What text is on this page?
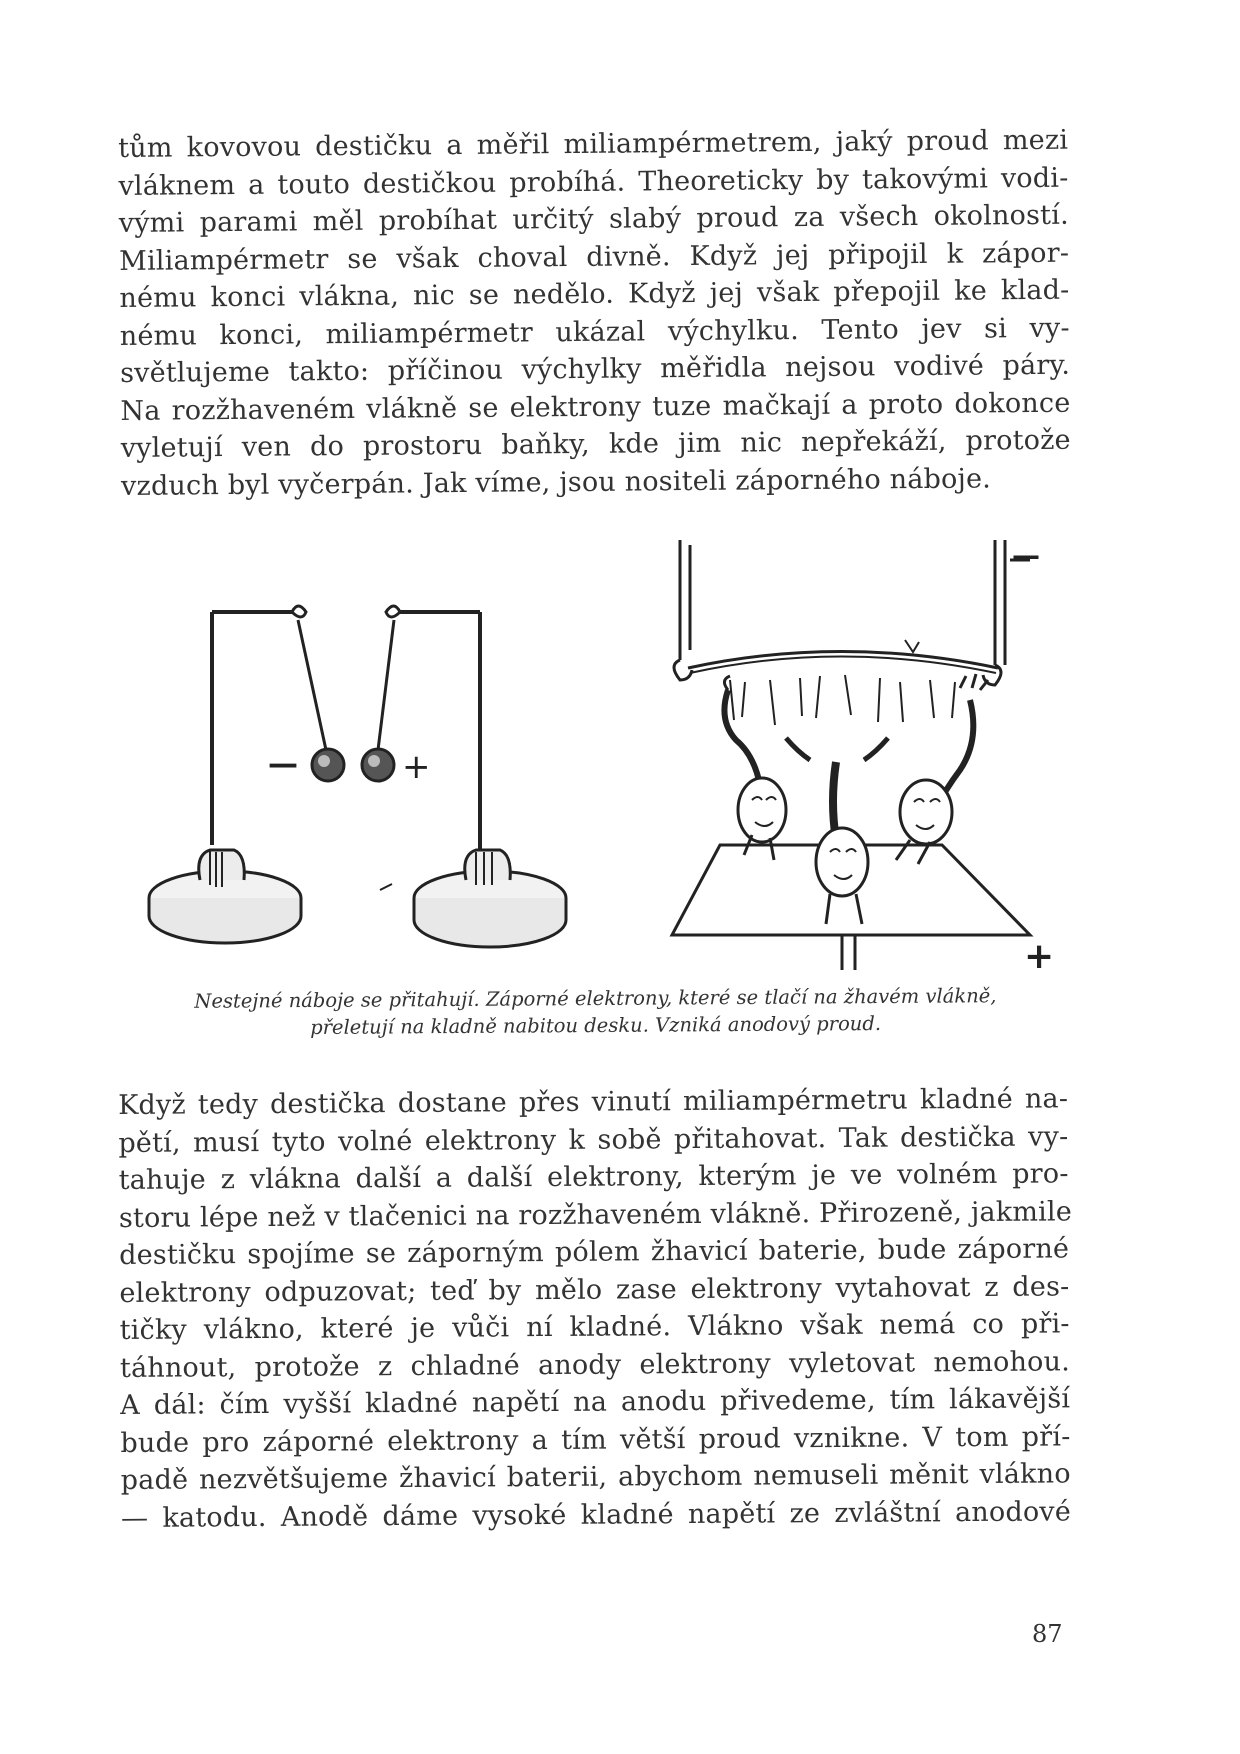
tům kovovou destičku a měřil miliampérmetrem, jaký proud mezi
vláknem a touto destičkou probíhá. Theoreticky by takovými vodi-
vými parami měl probíhat určitý slabý proud za všech okolností.
Miliampérmetr se však choval divně. Když jej připojil k zápor-
nému konci vlákna, nic se nedělo. Když jej však přepojil ke klad-
nému konci, miliampérmetr ukázal výchylku. Tento jev si vy-
světlujeme takto: příčinou výchylky měřidla nejsou vodivé páry.
Na rozžhaveném vlákně se elektrony tuze mačkají a proto dokonce
vyletují ven do prostoru baňky, kde jim nic nepřekáží, protože
vzduch byl vyčerpán. Jak víme, jsou nositeli záporného náboje.

—	+
—
+

Nestejné náboje se přitahují. Záporné elektrony, které se tlačí na žhavém vlákně,
přeletují na kladně nabitou desku. Vzniká anodový proud.

Když tedy destička dostane přes vinutí miliampérmetru kladné na-
pětí, musí tyto volné elektrony k sobě přitahovat. Tak destička vy-
tahuje z vlákna další a další elektrony, kterým je ve volném pro-
storu lépe než v tlačenici na rozžhaveném vlákně. Přirozeně, jakmile
destičku spojíme se záporným pólem žhavicí baterie, bude záporné
elektrony odpuzovat; teď by mělo zase elektrony vytahovat z des-
tičky vlákno, které je vůči ní kladné. Vlákno však nemá co při-
táhnout, protože z chladné anody elektrony vyletovat nemohou.
A dál: čím vyšší kladné napětí na anodu přivedeme, tím lákavější
bude pro záporné elektrony a tím větší proud vznikne. V tom pří-
padě nezvětšujeme žhavicí baterii, abychom nemuseli měnit vlákno
— katodu. Anodě dáme vysoké kladné napětí ze zvláštní anodové

87
